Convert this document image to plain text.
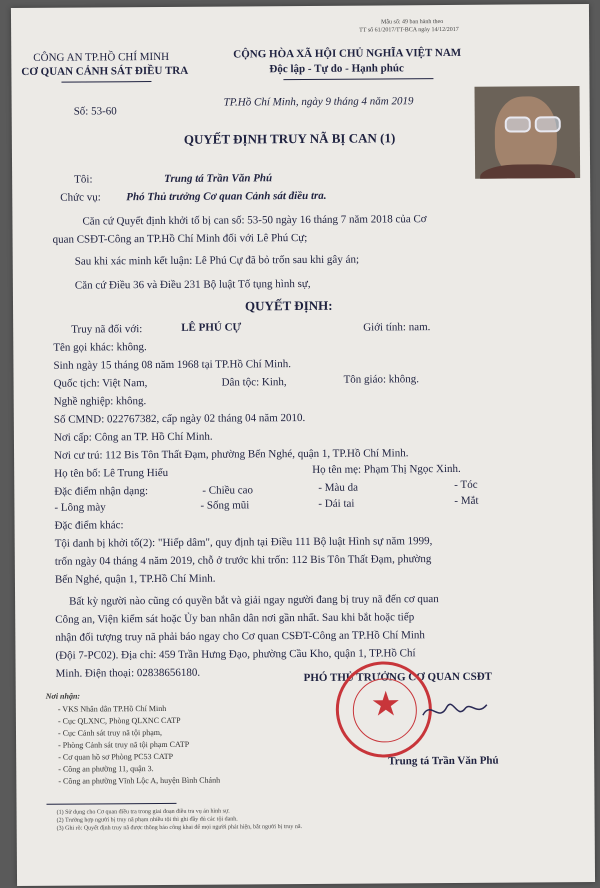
Mẫu số: 49 ban hành theo
TT số 61/2017/TT-BCA ngày 14/12/2017
CÔNG AN TP.HỒ CHÍ MINH
CƠ QUAN CẢNH SÁT ĐIỀU TRA
CỘNG HÒA XÃ HỘI CHỦ NGHĨA VIỆT NAM
Độc lập - Tự do - Hạnh phúc
Số: 53-60
TP.Hồ Chí Minh, ngày 9 tháng 4 năm 2019
QUYẾT ĐỊNH TRUY NÃ BỊ CAN (1)
Tôi:	Trung tá Trần Văn Phú
Chức vụ: Phó Thủ trưởng Cơ quan Cảnh sát điều tra.
Căn cứ Quyết định khởi tố bị can số: 53-50 ngày 16 tháng 7 năm 2018 của Cơ
quan CSĐT-Công an TP.Hồ Chí Minh đối với Lê Phú Cự;
Sau khi xác minh kết luận: Lê Phú Cự đã bỏ trốn sau khi gây án;
Căn cứ Điều 36 và Điều 231 Bộ luật Tố tụng hình sự,
QUYẾT ĐỊNH:
Truy nã đối với:	LÊ PHÚ CỰ	Giới tính: nam.
Tên gọi khác: không.
Sinh ngày 15 tháng 08 năm 1968 tại TP.Hồ Chí Minh.
Quốc tịch: Việt Nam,	Dân tộc: Kinh,	Tôn giáo: không.
Nghề nghiệp: không.
Số CMND: 022767382, cấp ngày 02 tháng 04 năm 2010.
Nơi cấp: Công an TP. Hồ Chí Minh.
Nơi cư trú: 112 Bis Tôn Thất Đạm, phường Bến Nghé, quận 1, TP.Hồ Chí Minh.
Họ tên bố: Lê Trung Hiếu	Họ tên mẹ: Phạm Thị Ngọc Xinh.
Đặc điểm nhận dạng:	- Chiều cao	- Màu da	- Tóc
- Lông mày	- Sống mũi	- Dái tai	- Mắt
Đặc điểm khác:
Tội danh bị khởi tố(2): "Hiếp dâm", quy định tại Điều 111 Bộ luật Hình sự năm 1999,
trốn ngày 04 tháng 4 năm 2019, chỗ ở trước khi trốn: 112 Bis Tôn Thất Đạm, phường
Bến Nghé, quận 1, TP.Hồ Chí Minh.
Bất kỳ người nào cũng có quyền bắt và giải ngay người đang bị truy nã đến cơ quan
Công an, Viện kiểm sát hoặc Ủy ban nhân dân nơi gần nhất. Sau khi bắt hoặc tiếp
nhận đối tượng truy nã phải báo ngay cho Cơ quan CSĐT-Công an TP.Hồ Chí Minh
(Đội 7-PC02). Địa chỉ: 459 Trần Hưng Đạo, phường Cầu Kho, quận 1, TP.Hồ Chí
Minh. Điện thoại: 02838656180.
Nơi nhận:
- VKS Nhân dân TP.Hồ Chí Minh
- Cục QLXNC, Phòng QLXNC CATP
- Cục Cảnh sát truy nã tội phạm,
- Phòng Cảnh sát truy nã tội phạm CATP
- Cơ quan hồ sơ Phòng PC53 CATP
- Công an phường 11, quận 3.
- Công an phường Vĩnh Lộc A, huyện Bình Chánh
PHÓ THỦ TRƯỞNG CƠ QUAN CSĐT
★
Trung tá Trần Văn Phú
(1) Sử dụng cho Cơ quan điều tra trong giai đoạn điều tra vụ án hình sự.
(2) Trường hợp người bị truy nã phạm nhiều tội thì ghi đầy đủ các tội danh.
(3) Ghi rõ: Quyết định truy nã được thông báo công khai để mọi người phát hiện, bắt người bị truy nã.
